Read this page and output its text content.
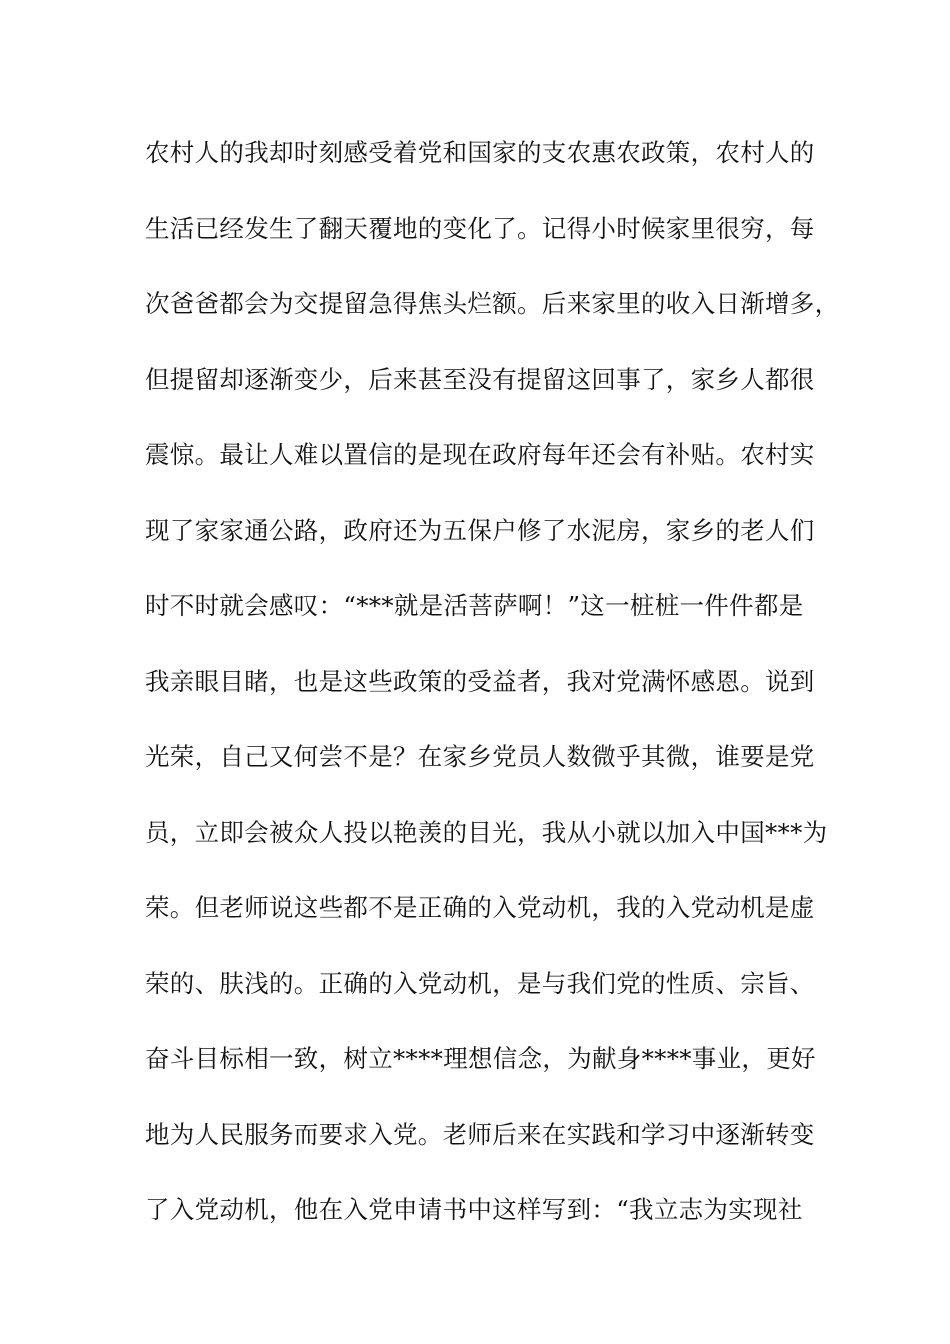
农村人的我却时刻感受着党和国家的支农惠农政策，农村人的
生活已经发生了翻天覆地的变化了。记得小时候家里很穷，每
次爸爸都会为交提留急得焦头烂额。后来家里的收入日渐增多，
但提留却逐渐变少，后来甚至没有提留这回事了，家乡人都很
震惊。最让人难以置信的是现在政府每年还会有补贴。农村实
现了家家通公路，政府还为五保户修了水泥房，家乡的老人们
时不时就会感叹：“***就是活菩萨啊！”这一桩桩一件件都是
我亲眼目睹，也是这些政策的受益者，我对党满怀感恩。说到
光荣，自己又何尝不是？在家乡党员人数微乎其微，谁要是党
员，立即会被众人投以艳羡的目光，我从小就以加入中国***为
荣。但老师说这些都不是正确的入党动机，我的入党动机是虚
荣的、肤浅的。正确的入党动机，是与我们党的性质、宗旨、
奋斗目标相一致，树立****理想信念，为献身****事业，更好
地为人民服务而要求入党。老师后来在实践和学习中逐渐转变
了入党动机，他在入党申请书中这样写到：“我立志为实现社
